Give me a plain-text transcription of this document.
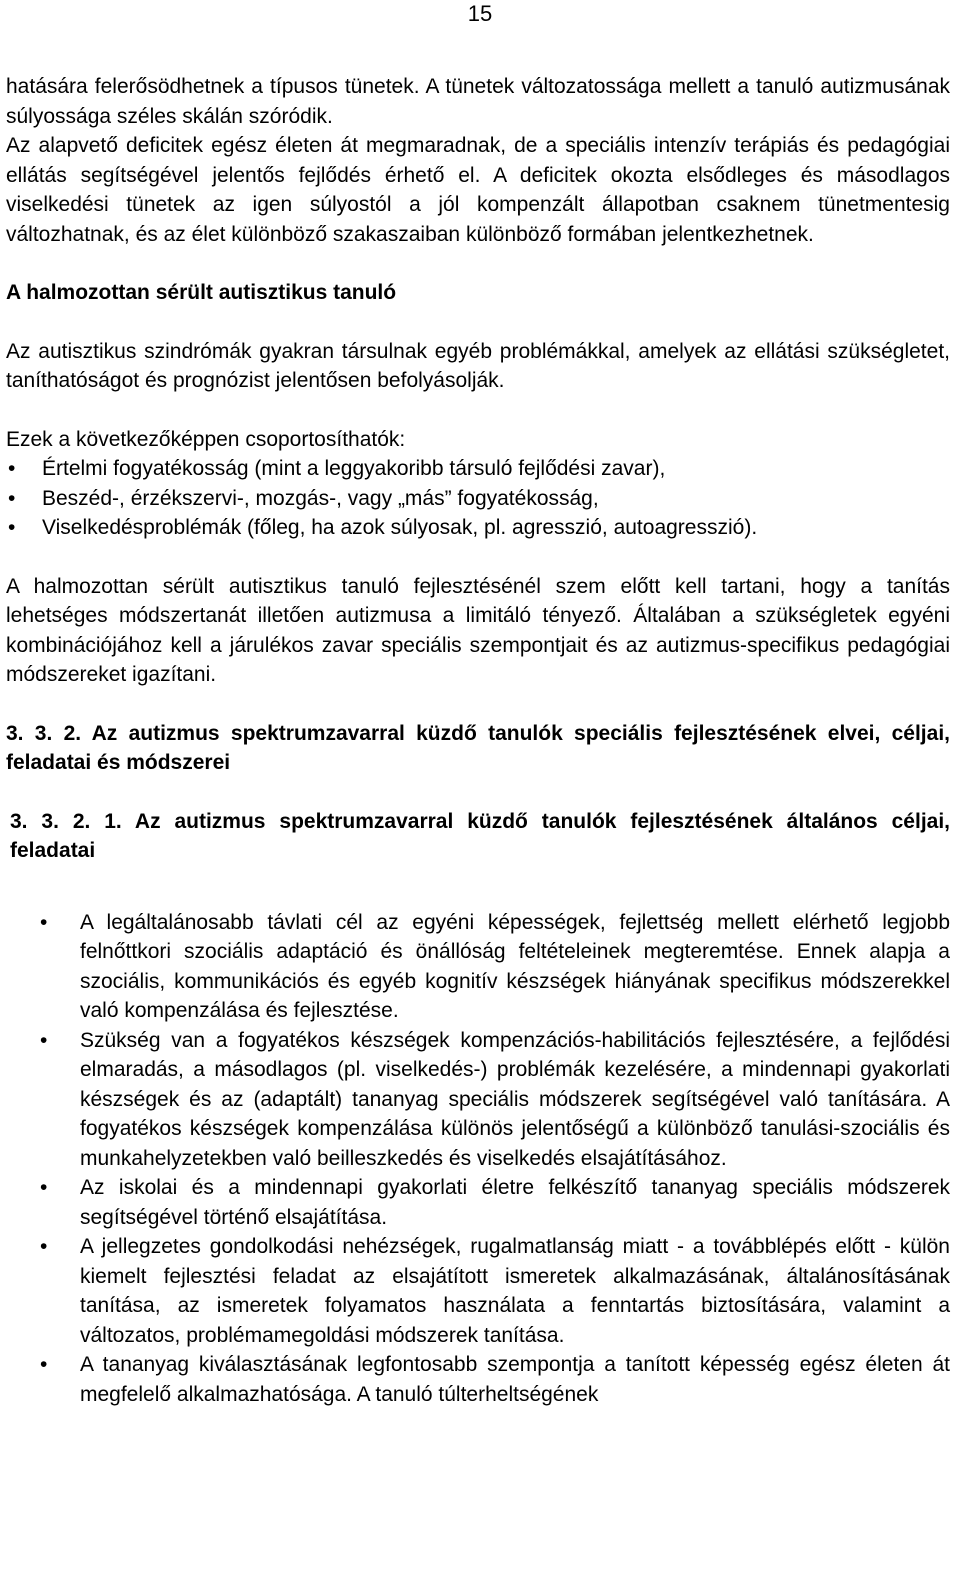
15

hatására felerősödhetnek a típusos tünetek. A tünetek változatossága mellett a tanuló autizmusának súlyossága széles skálán szóródik.

Az alapvető deficitek egész életen át megmaradnak, de a speciális intenzív terápiás és pedagógiai ellátás segítségével jelentős fejlődés érhető el. A deficitek okozta elsődleges és másodlagos viselkedési tünetek az igen súlyostól a jól kompenzált állapotban csaknem tünetmentesig változhatnak, és az élet különböző szakaszaiban különböző formában jelentkezhetnek.

A halmozottan sérült autisztikus tanuló

Az autisztikus szindrómák gyakran társulnak egyéb problémákkal, amelyek az ellátási szükségletet, taníthatóságot és prognózist jelentősen befolyásolják.

Ezek a következőképpen csoportosíthatók:

• Értelmi fogyatékosság (mint a leggyakoribb társuló fejlődési zavar),
• Beszéd-, érzékszervi-, mozgás-, vagy „más” fogyatékosság,
• Viselkedésproblémák (főleg, ha azok súlyosak, pl. agresszió, autoagresszió).

A halmozottan sérült autisztikus tanuló fejlesztésénél szem előtt kell tartani, hogy a tanítás lehetséges módszertanát illetően autizmusa a limitáló tényező. Általában a szükségletek egyéni kombinációjához kell a járulékos zavar speciális szempontjait és az autizmus-specifikus pedagógiai módszereket igazítani.

3. 3. 2. Az autizmus spektrumzavarral küzdő tanulók speciális fejlesztésének elvei, céljai, feladatai és módszerei

3. 3. 2. 1. Az autizmus spektrumzavarral küzdő tanulók fejlesztésének általános céljai, feladatai

• A legáltalánosabb távlati cél az egyéni képességek, fejlettség mellett elérhető legjobb felnőttkori szociális adaptáció és önállóság feltételeinek megteremtése. Ennek alapja a szociális, kommunikációs és egyéb kognitív készségek hiányának specifikus módszerekkel való kompenzálása és fejlesztése.
• Szükség van a fogyatékos készségek kompenzációs-habilitációs fejlesztésére, a fejlődési elmaradás, a másodlagos (pl. viselkedés-) problémák kezelésére, a mindennapi gyakorlati készségek és az (adaptált) tananyag speciális módszerek segítségével való tanítására. A fogyatékos készségek kompenzálása különös jelentőségű a különböző tanulási-szociális és munkahelyzetekben való beilleszkedés és viselkedés elsajátításához.
• Az iskolai és a mindennapi gyakorlati életre felkészítő tananyag speciális módszerek segítségével történő elsajátítása.
• A jellegzetes gondolkodási nehézségek, rugalmatlanság miatt - a továbblépés előtt - külön kiemelt fejlesztési feladat az elsajátított ismeretek alkalmazásának, általánosításának tanítása, az ismeretek folyamatos használata a fenntartás biztosítására, valamint a változatos, problémamegoldási módszerek tanítása.
• A tananyag kiválasztásának legfontosabb szempontja a tanított képesség egész életen át megfelelő alkalmazhatósága. A tanuló túlterheltségének
